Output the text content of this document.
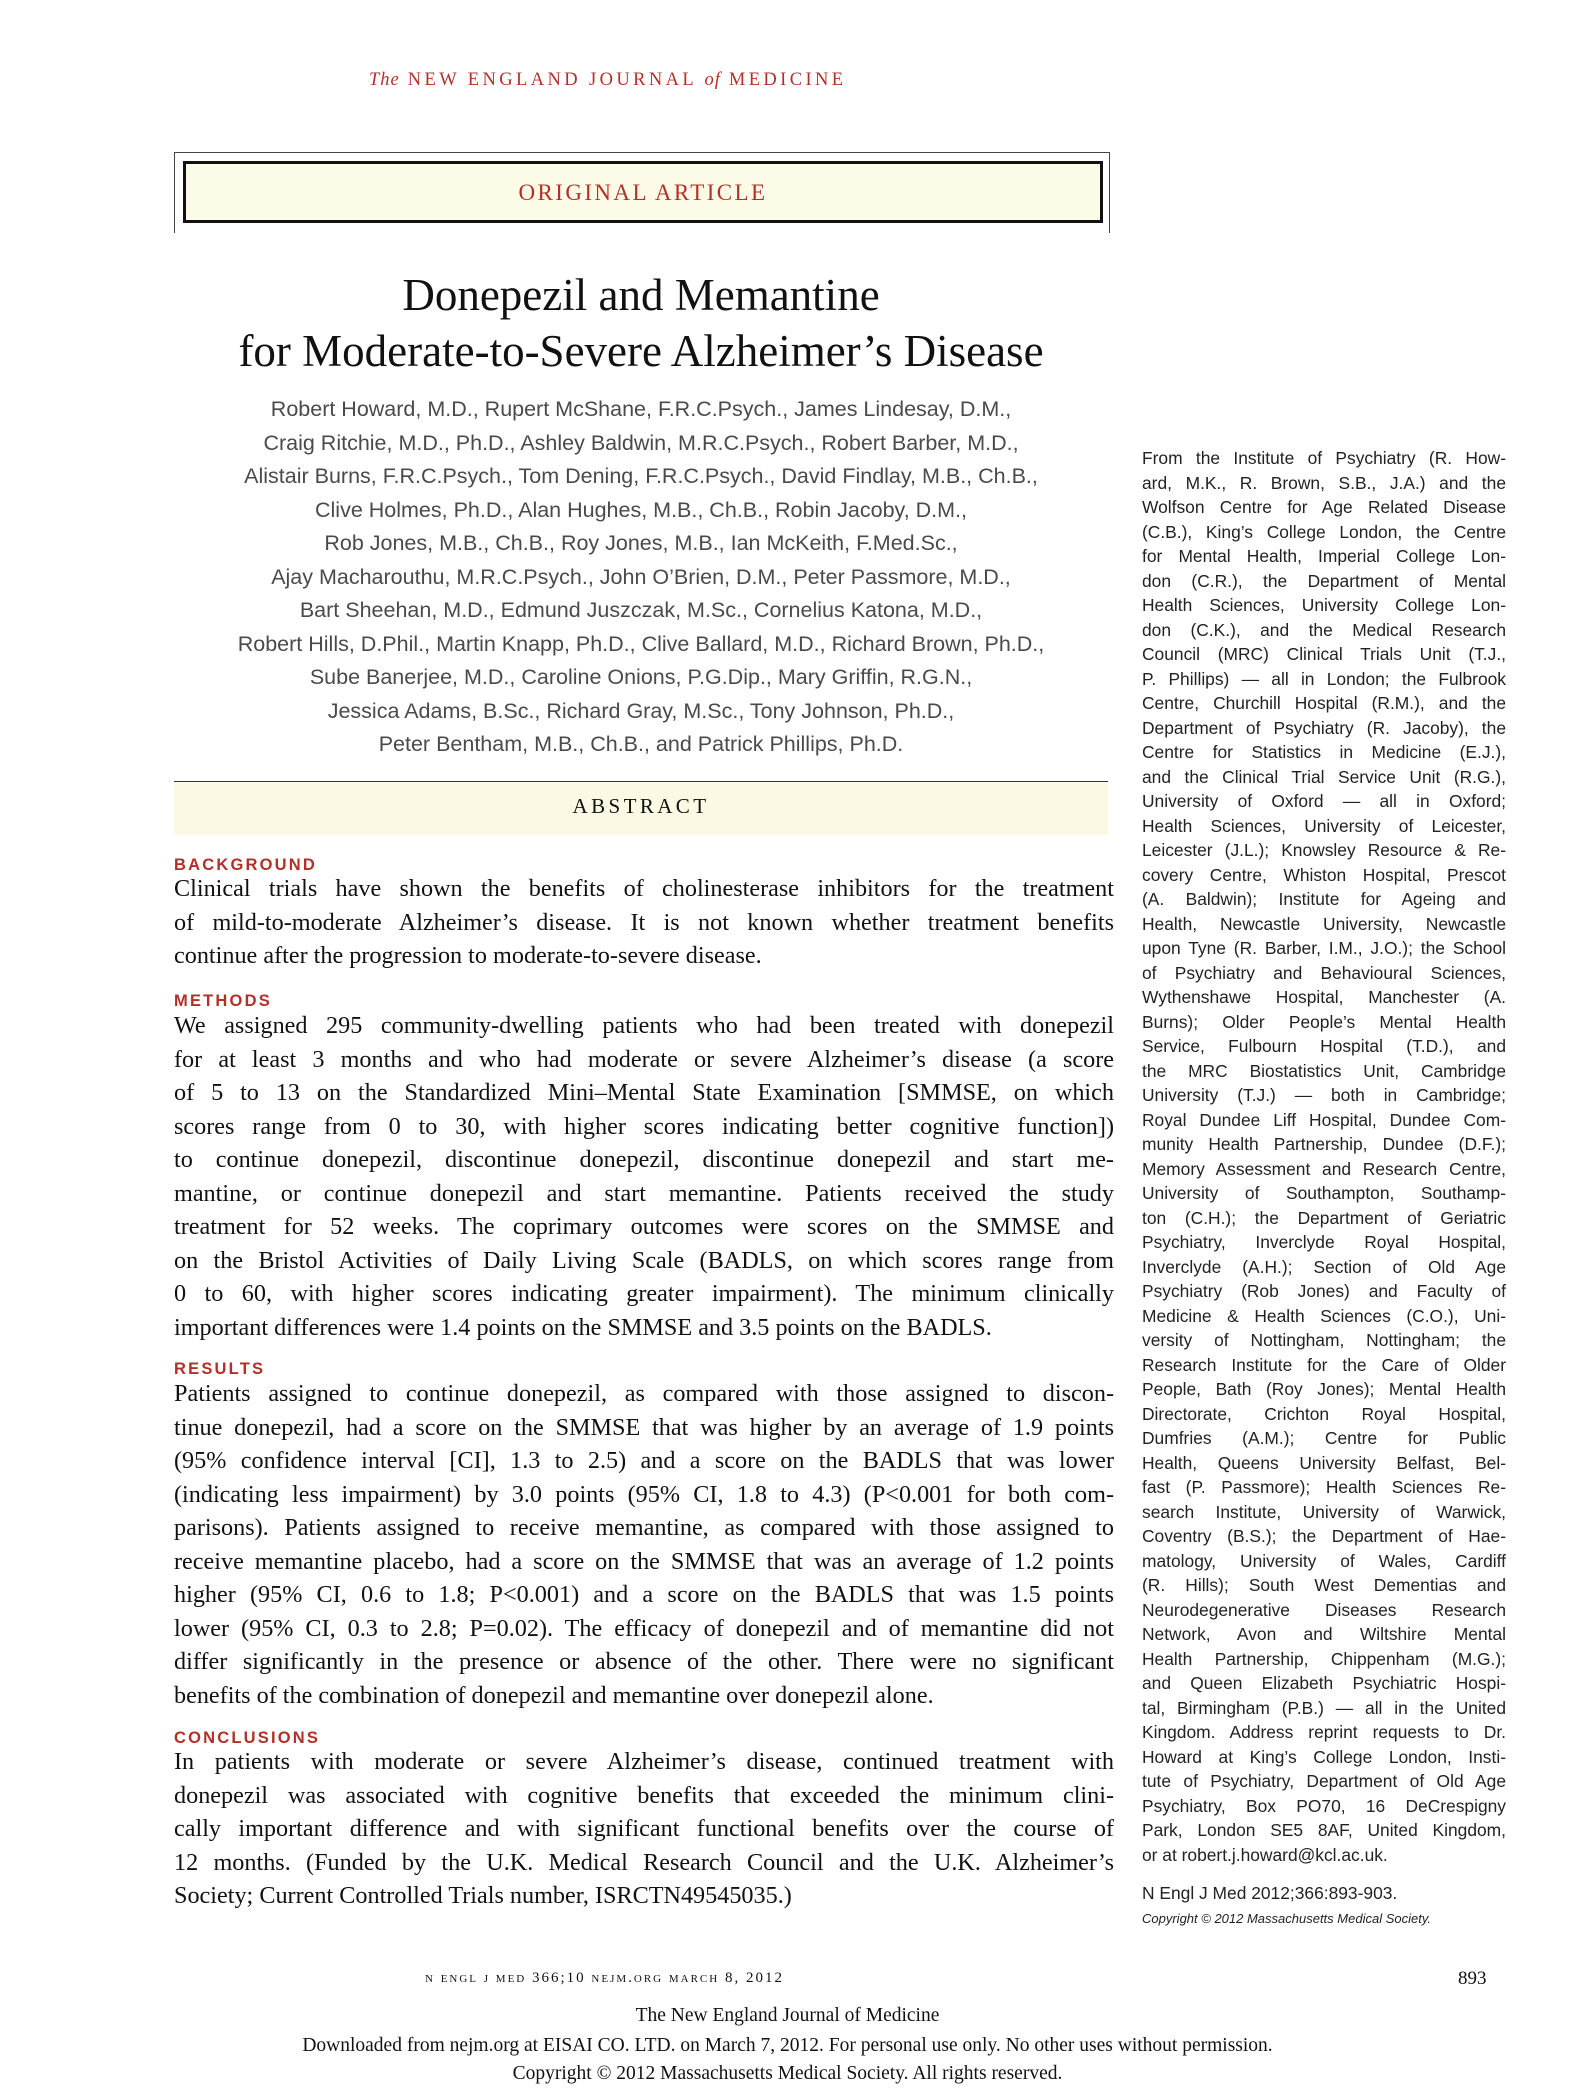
The NEW ENGLAND JOURNAL of MEDICINE
ORIGINAL ARTICLE
Donepezil and Memantine
for Moderate-to-Severe Alzheimer’s Disease
Robert Howard, M.D., Rupert McShane, F.R.C.Psych., James Lindesay, D.M.,
Craig Ritchie, M.D., Ph.D., Ashley Baldwin, M.R.C.Psych., Robert Barber, M.D.,
Alistair Burns, F.R.C.Psych., Tom Dening, F.R.C.Psych., David Findlay, M.B., Ch.B.,
Clive Holmes, Ph.D., Alan Hughes, M.B., Ch.B., Robin Jacoby, D.M.,
Rob Jones, M.B., Ch.B., Roy Jones, M.B., Ian McKeith, F.Med.Sc.,
Ajay Macharouthu, M.R.C.Psych., John O’Brien, D.M., Peter Passmore, M.D.,
Bart Sheehan, M.D., Edmund Juszczak, M.Sc., Cornelius Katona, M.D.,
Robert Hills, D.Phil., Martin Knapp, Ph.D., Clive Ballard, M.D., Richard Brown, Ph.D.,
Sube Banerjee, M.D., Caroline Onions, P.G.Dip., Mary Griffin, R.G.N.,
Jessica Adams, B.Sc., Richard Gray, M.Sc., Tony Johnson, Ph.D.,
Peter Bentham, M.B., Ch.B., and Patrick Phillips, Ph.D.
ABSTRACT
BACKGROUND
Clinical trials have shown the benefits of cholinesterase inhibitors for the treatment
of mild-to-moderate Alzheimer’s disease. It is not known whether treatment benefits
continue after the progression to moderate-to-severe disease.
METHODS
We assigned 295 community-dwelling patients who had been treated with donepezil
for at least 3 months and who had moderate or severe Alzheimer’s disease (a score
of 5 to 13 on the Standardized Mini–Mental State Examination [SMMSE, on which
scores range from 0 to 30, with higher scores indicating better cognitive function])
to continue donepezil, discontinue donepezil, discontinue donepezil and start me-
mantine, or continue donepezil and start memantine. Patients received the study
treatment for 52 weeks. The coprimary outcomes were scores on the SMMSE and
on the Bristol Activities of Daily Living Scale (BADLS, on which scores range from
0 to 60, with higher scores indicating greater impairment). The minimum clinically
important differences were 1.4 points on the SMMSE and 3.5 points on the BADLS.
RESULTS
Patients assigned to continue donepezil, as compared with those assigned to discon-
tinue donepezil, had a score on the SMMSE that was higher by an average of 1.9 points
(95% confidence interval [CI], 1.3 to 2.5) and a score on the BADLS that was lower
(indicating less impairment) by 3.0 points (95% CI, 1.8 to 4.3) (P<0.001 for both com-
parisons). Patients assigned to receive memantine, as compared with those assigned to
receive memantine placebo, had a score on the SMMSE that was an average of 1.2 points
higher (95% CI, 0.6 to 1.8; P<0.001) and a score on the BADLS that was 1.5 points
lower (95% CI, 0.3 to 2.8; P=0.02). The efficacy of donepezil and of memantine did not
differ significantly in the presence or absence of the other. There were no significant
benefits of the combination of donepezil and memantine over donepezil alone.
CONCLUSIONS
In patients with moderate or severe Alzheimer’s disease, continued treatment with
donepezil was associated with cognitive benefits that exceeded the minimum clini-
cally important difference and with significant functional benefits over the course of
12 months. (Funded by the U.K. Medical Research Council and the U.K. Alzheimer’s
Society; Current Controlled Trials number, ISRCTN49545035.)
From the Institute of Psychiatry (R. How-
ard, M.K., R. Brown, S.B., J.A.) and the
Wolfson Centre for Age Related Disease
(C.B.), King’s College London, the Centre
for Mental Health, Imperial College Lon-
don (C.R.), the Department of Mental
Health Sciences, University College Lon-
don (C.K.), and the Medical Research
Council (MRC) Clinical Trials Unit (T.J.,
P. Phillips) — all in London; the Fulbrook
Centre, Churchill Hospital (R.M.), and the
Department of Psychiatry (R. Jacoby), the
Centre for Statistics in Medicine (E.J.),
and the Clinical Trial Service Unit (R.G.),
University of Oxford — all in Oxford;
Health Sciences, University of Leicester,
Leicester (J.L.); Knowsley Resource & Re-
covery Centre, Whiston Hospital, Prescot
(A. Baldwin); Institute for Ageing and
Health, Newcastle University, Newcastle
upon Tyne (R. Barber, I.M., J.O.); the School
of Psychiatry and Behavioural Sciences,
Wythenshawe Hospital, Manchester (A.
Burns); Older People’s Mental Health
Service, Fulbourn Hospital (T.D.), and
the MRC Biostatistics Unit, Cambridge
University (T.J.) — both in Cambridge;
Royal Dundee Liff Hospital, Dundee Com-
munity Health Partnership, Dundee (D.F.);
Memory Assessment and Research Centre,
University of Southampton, Southamp-
ton (C.H.); the Department of Geriatric
Psychiatry, Inverclyde Royal Hospital,
Inverclyde (A.H.); Section of Old Age
Psychiatry (Rob Jones) and Faculty of
Medicine & Health Sciences (C.O.), Uni-
versity of Nottingham, Nottingham; the
Research Institute for the Care of Older
People, Bath (Roy Jones); Mental Health
Directorate, Crichton Royal Hospital,
Dumfries (A.M.); Centre for Public
Health, Queens University Belfast, Bel-
fast (P. Passmore); Health Sciences Re-
search Institute, University of Warwick,
Coventry (B.S.); the Department of Hae-
matology, University of Wales, Cardiff
(R. Hills); South West Dementias and
Neurodegenerative Diseases Research
Network, Avon and Wiltshire Mental
Health Partnership, Chippenham (M.G.);
and Queen Elizabeth Psychiatric Hospi-
tal, Birmingham (P.B.) — all in the United
Kingdom. Address reprint requests to Dr.
Howard at King’s College London, Insti-
tute of Psychiatry, Department of Old Age
Psychiatry, Box PO70, 16 DeCrespigny
Park, London SE5 8AF, United Kingdom,
or at robert.j.howard@kcl.ac.uk.
N Engl J Med 2012;366:893-903.
Copyright © 2012 Massachusetts Medical Society.
n engl j med 366;10 nejm.org march 8, 2012	893
The New England Journal of Medicine
Downloaded from nejm.org at EISAI CO. LTD. on March 7, 2012. For personal use only. No other uses without permission.
Copyright © 2012 Massachusetts Medical Society. All rights reserved.
